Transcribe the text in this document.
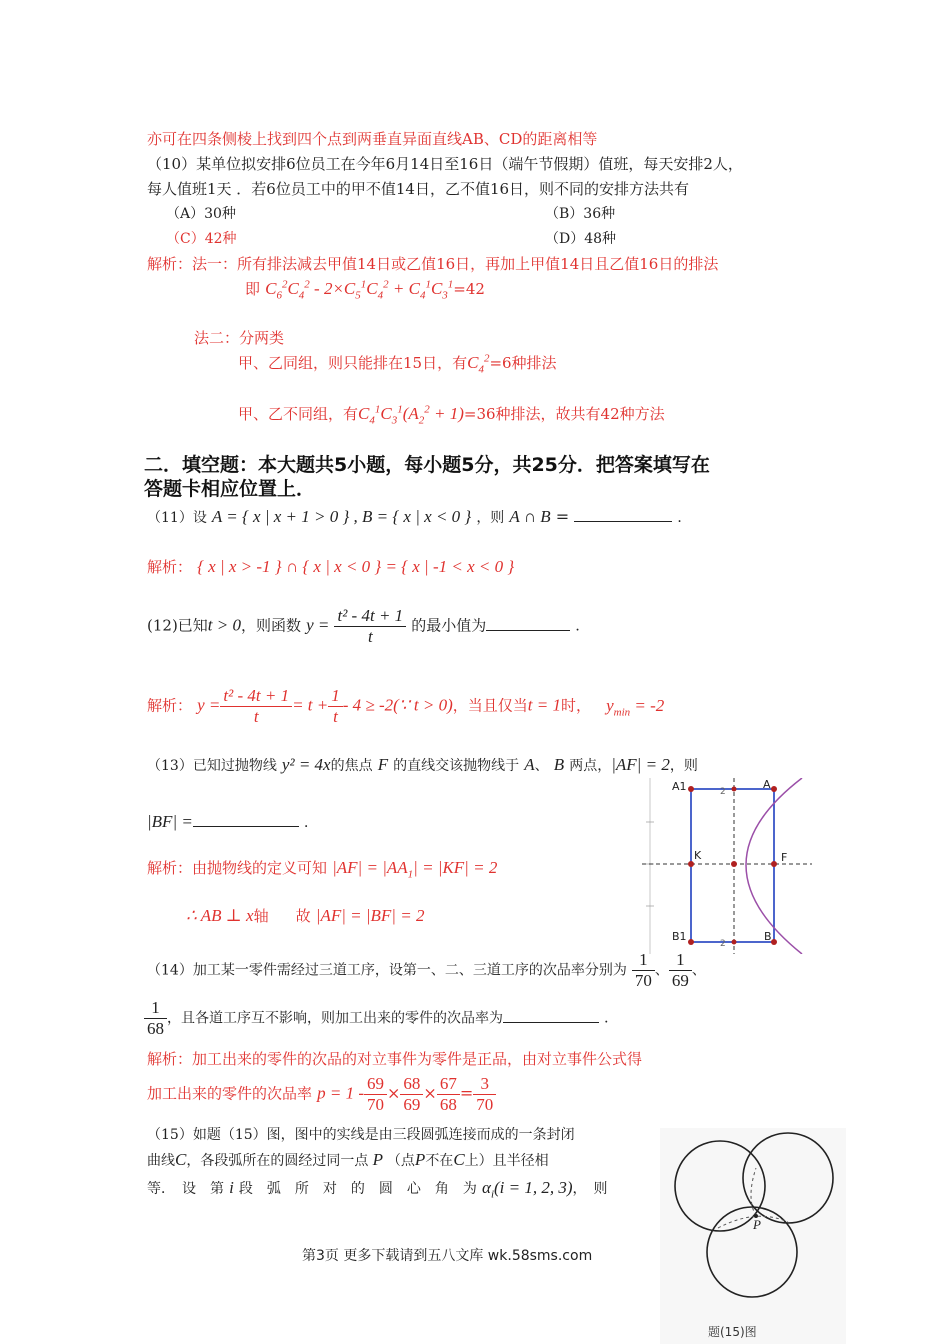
亦可在四条侧棱上找到四个点到两垂直异面直线AB、CD的距离相等
（10）某单位拟安排6位员工在今年6月14日至16日（端午节假期）值班，每天安排2人，
每人值班1天 ．若6位员工中的甲不值14日，乙不值16日，则不同的安排方法共有
（A）30种	（B）36种
（C）42种	（D）48种
解析：法一：所有排法减去甲值14日或乙值16日，再加上甲值14日且乙值16日的排法
即 $C_6^2C_4^2 - 2\times C_5^1C_4^2 + C_4^1C_3^1=42$
法二：分两类
甲、乙同组，则只能排在15日，有$C_4^2=6$种排法
甲、乙不同组，有$C_4^1C_3^1(A_2^2 + 1)=36$种排法，故共有42种方法
二．填空题：本大题共5小题，每小题5分，共25分．把答案填写在
答题卡相应位置上．
（11）设 A = { x | x + 1 > 0 } , B = { x | x < 0 } ，则 A ∩ B =	．
解析： { x | x > -1 } ∩ { x | x < 0 } = { x | -1 < x < 0 }
(12)已知t > 0，则函数 $y = \frac{\text{t² - 4t + 1}}{t}$ 的最小值为	．
解析： $y = \frac{\text{t² - 4t + 1}}{t} = t + \frac{1}{t} - 4$ ≥ -2(∵ t > 0)，当且仅当t = 1时， $y_{min} = -2$
（13）已知过抛物线 y² = 4x的焦点 F 的直线交该抛物线于 A、 B 两点，|AF| = 2，则
|BF| =	．
解析：由抛物线的定义可知 $|AF| = |AA_1| = |KF| = 2$
∴ AB ⊥ x轴 故 |AF| = |BF| = 2
A1	A
K	F
B1	B
2
2
（14）加工某一零件需经过三道工序，设第一、二、三道工序的次品率分别为 $\frac{1}{70}$ 、 $\frac{1}{69}$ 、
$\frac{1}{68}$ ，且各道工序互不影响，则加工出来的零件的次品率为	．
解析：加工出来的零件的次品的对立事件为零件是正品，由对立事件公式得
加工出来的零件的次品率 $p = 1 - \frac{69}{70} \times \frac{68}{69} \times \frac{67}{68} = \frac{3}{70}$
（15）如题（15）图，图中的实线是由三段圆弧连接而成的一条封闭
曲线C，各段弧所在的圆经过同一点 P （点P不在C上）且半径相
等．　设　第 i 段　弧　所　对　的　圆　心　角　为 $\alpha_i(i = 1$, 2, 3)，　则
P
题(15)图
第3页 更多下载请到五八文库 wk.58sms.com
